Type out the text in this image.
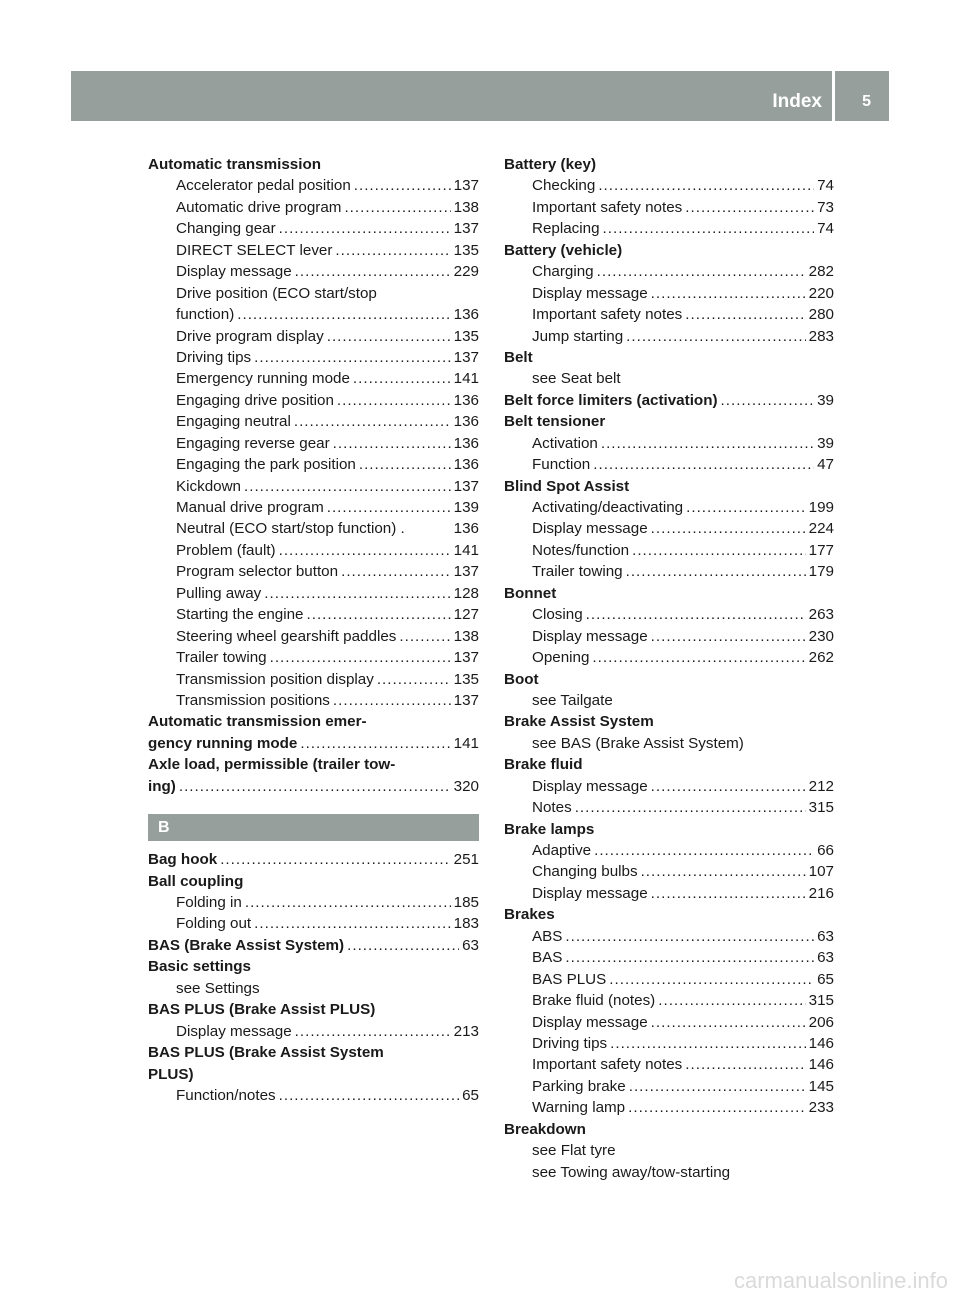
Index	5
Automatic transmission
Accelerator pedal position .....	137
Automatic drive program .....	138
Changing gear .....	137
DIRECT SELECT lever .....	135
Display message .....	229
Drive position (ECO start/stop
function) .....	136
Drive program display .....	135
Driving tips .....	137
Emergency running mode .....	141
Engaging drive position .....	136
Engaging neutral .....	136
Engaging reverse gear .....	136
Engaging the park position .....	136
Kickdown .....	137
Manual drive program .....	139
Neutral (ECO start/stop function) .	136
Problem (fault) .....	141
Program selector button .....	137
Pulling away .....	128
Starting the engine .....	127
Steering wheel gearshift paddles .....	138
Trailer towing .....	137
Transmission position display .....	135
Transmission positions .....	137
Automatic transmission emer-
gency running mode .....	141
Axle load, permissible (trailer tow-
ing) .....	320
B
Bag hook .....	251
Ball coupling
Folding in .....	185
Folding out .....	183
BAS (Brake Assist System) .....	63
Basic settings
see Settings
BAS PLUS (Brake Assist PLUS)
Display message .....	213
BAS PLUS (Brake Assist System
PLUS)
Function/notes .....	65
Battery (key)
Checking .....	74
Important safety notes .....	73
Replacing .....	74
Battery (vehicle)
Charging .....	282
Display message .....	220
Important safety notes .....	280
Jump starting .....	283
Belt
see Seat belt
Belt force limiters (activation) .....	39
Belt tensioner
Activation .....	39
Function .....	47
Blind Spot Assist
Activating/deactivating .....	199
Display message .....	224
Notes/function .....	177
Trailer towing .....	179
Bonnet
Closing .....	263
Display message .....	230
Opening .....	262
Boot
see Tailgate
Brake Assist System
see BAS (Brake Assist System)
Brake fluid
Display message .....	212
Notes .....	315
Brake lamps
Adaptive .....	66
Changing bulbs .....	107
Display message .....	216
Brakes
ABS .....	63
BAS .....	63
BAS PLUS .....	65
Brake fluid (notes) .....	315
Display message .....	206
Driving tips .....	146
Important safety notes .....	146
Parking brake .....	145
Warning lamp .....	233
Breakdown
see Flat tyre
see Towing away/tow-starting
carmanualsonline.info
